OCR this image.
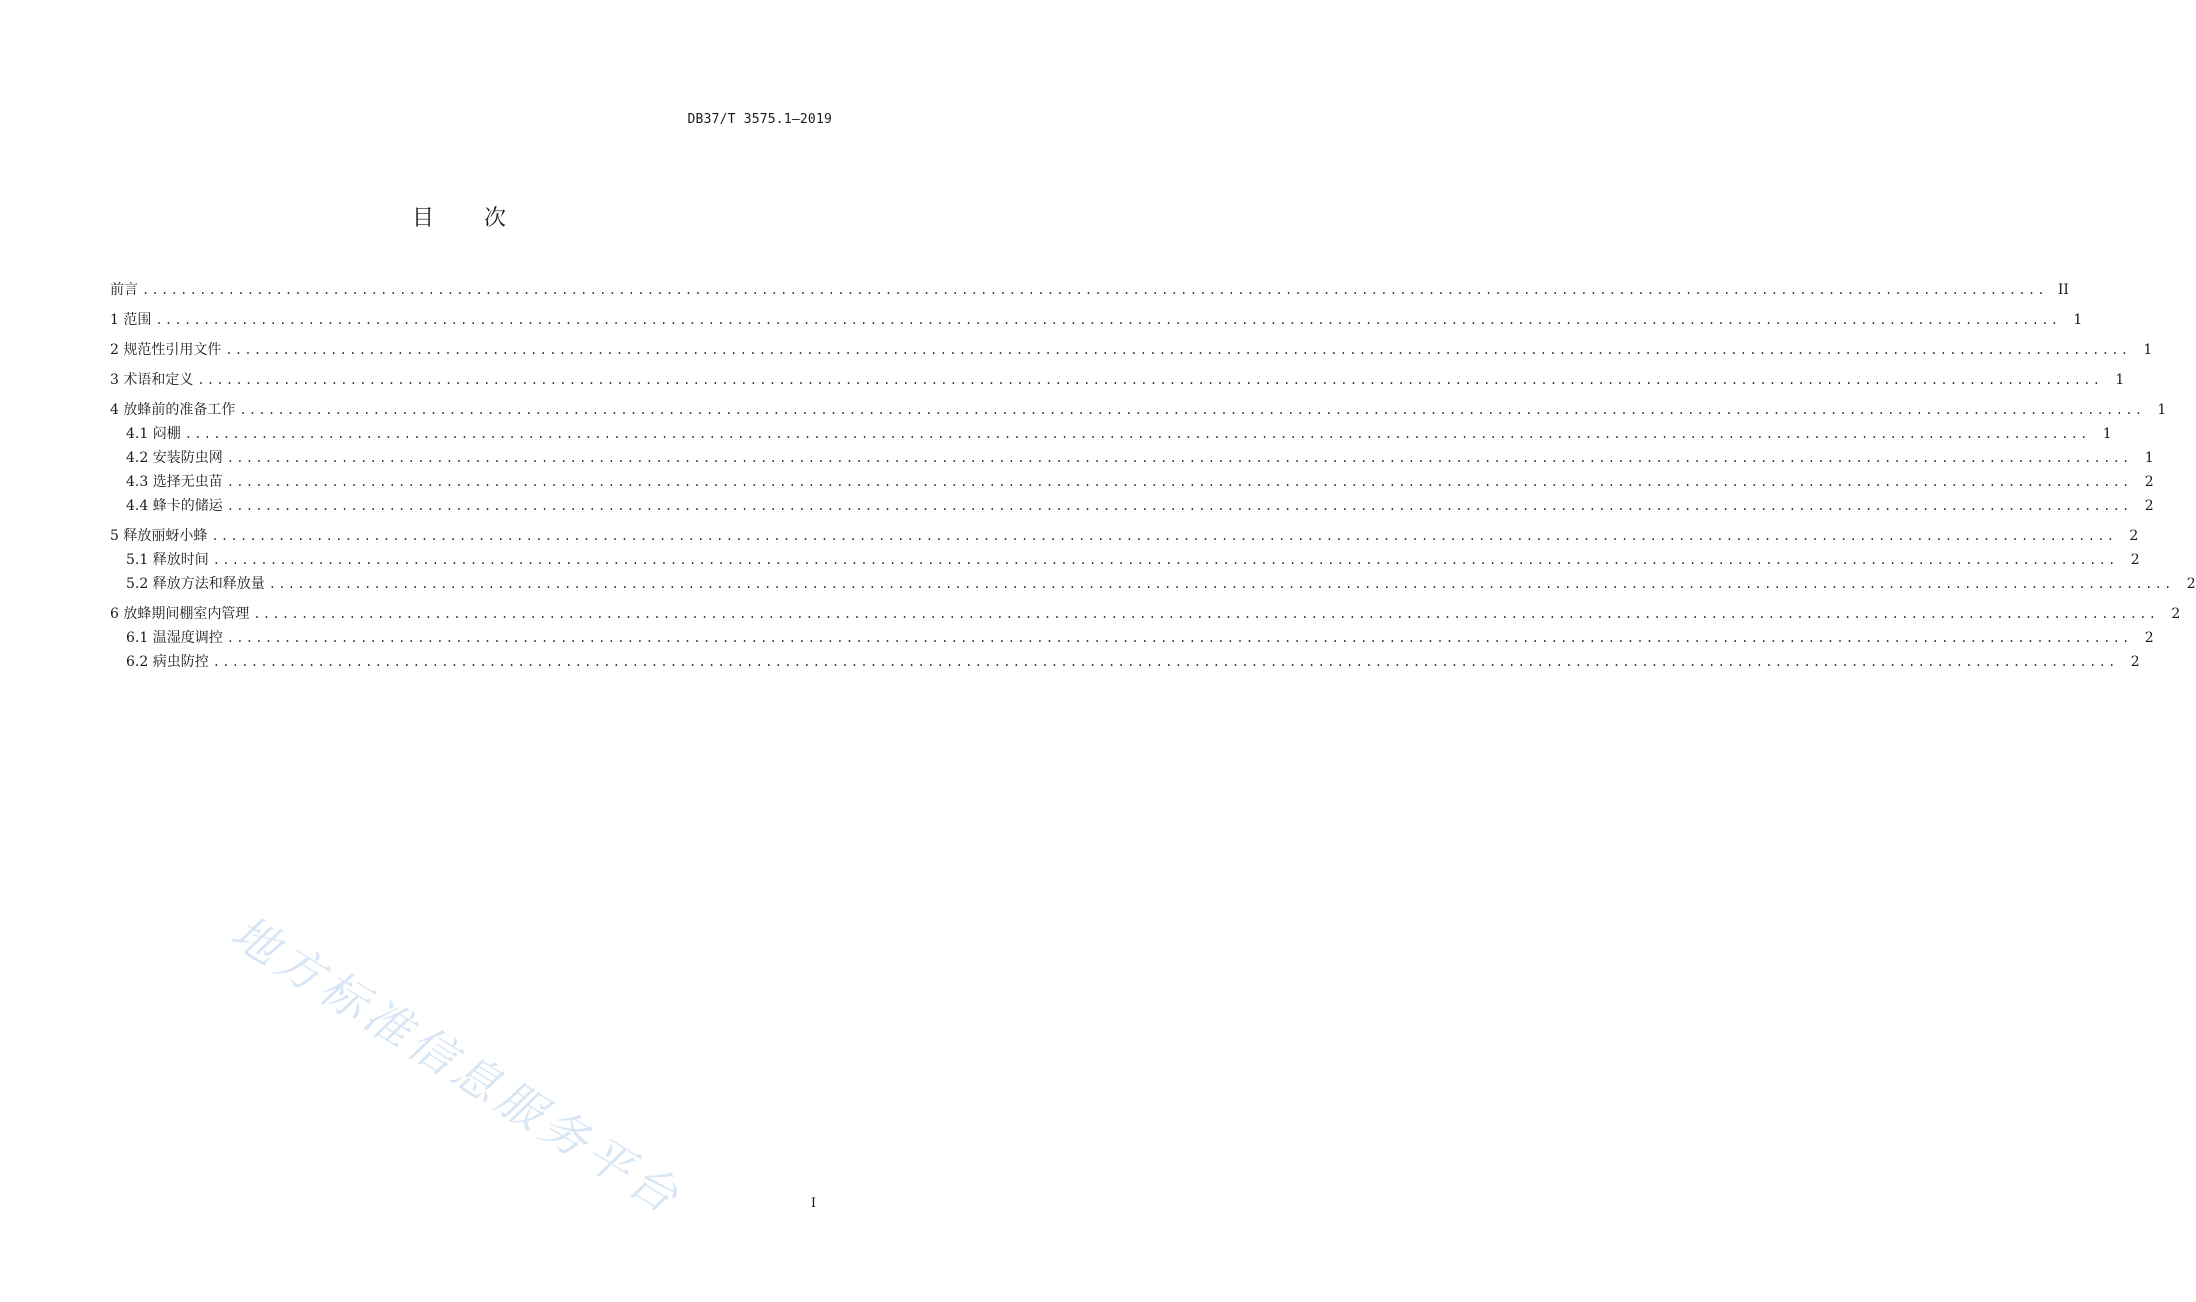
DB37/T 3575.1—2019
目 次
前言 ........................................................................................................................................................................................................ II
1 范围 ........................................................................................................................................................................................................ 1
2 规范性引用文件 ........................................................................................................................................................................................................ 1
3 术语和定义 ........................................................................................................................................................................................................ 1
4 放蜂前的准备工作 ........................................................................................................................................................................................................ 1
4.1 闷棚 ........................................................................................................................................................................................................ 1
4.2 安装防虫网 ........................................................................................................................................................................................................ 1
4.3 选择无虫苗 ........................................................................................................................................................................................................ 2
4.4 蜂卡的储运 ........................................................................................................................................................................................................ 2
5 释放丽蚜小蜂 ........................................................................................................................................................................................................ 2
5.1 释放时间 ........................................................................................................................................................................................................ 2
5.2 释放方法和释放量 ........................................................................................................................................................................................................ 2
6 放蜂期间棚室内管理 ........................................................................................................................................................................................................ 2
6.1 温湿度调控 ........................................................................................................................................................................................................ 2
6.2 病虫防控 ........................................................................................................................................................................................................ 2
地方标准信息服务平台	I
